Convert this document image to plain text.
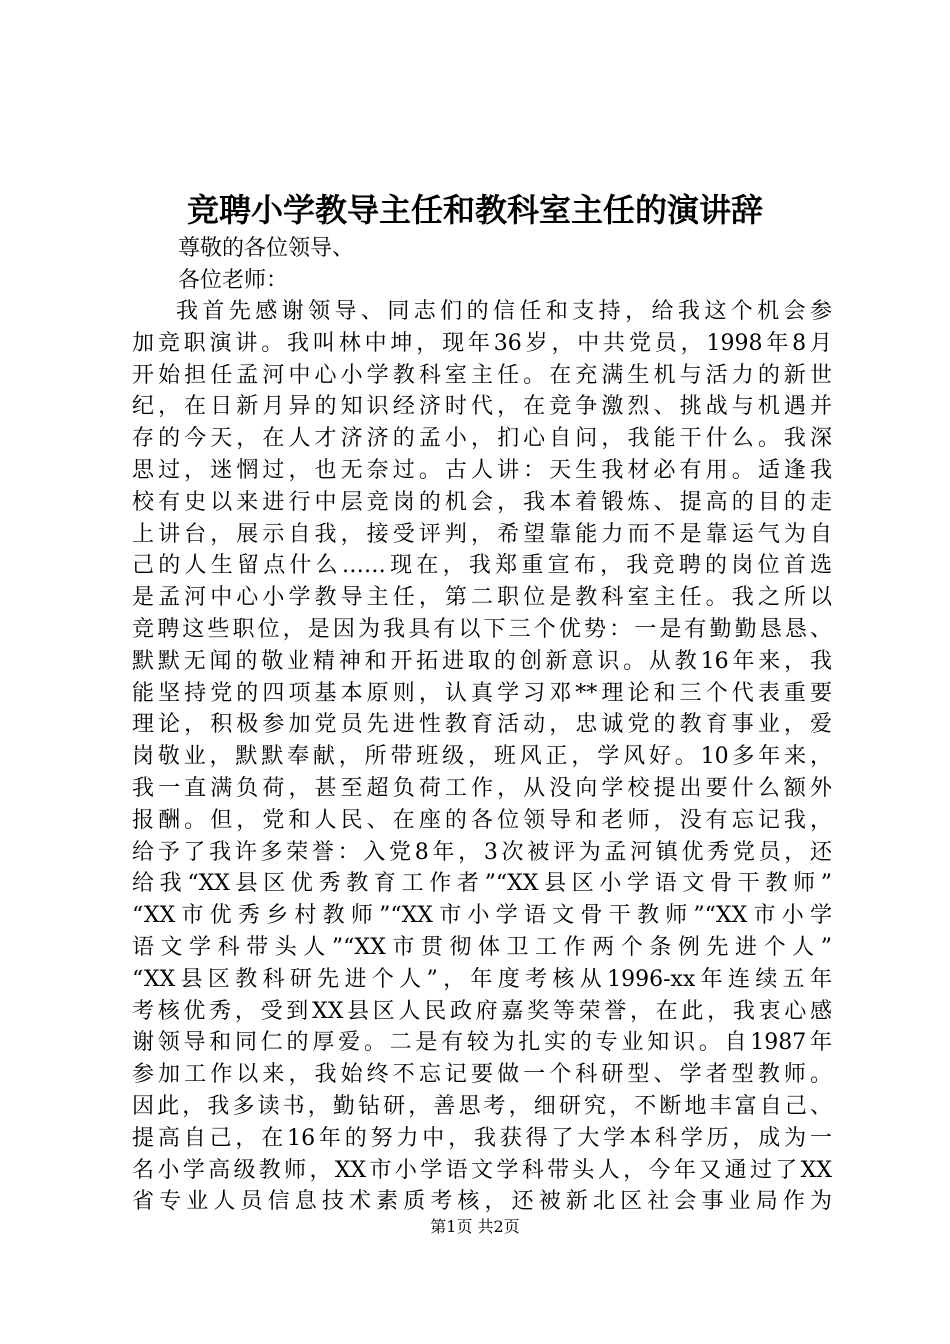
竞聘小学教导主任和教科室主任的演讲辞

尊敬的各位领导、

各位老师：

我首先感谢领导、同志们的信任和支持，给我这个机会参
加竞职演讲。我叫林中坤，现年36岁，中共党员，1998年8月
开始担任孟河中心小学教科室主任。在充满生机与活力的新世
纪，在日新月异的知识经济时代，在竞争激烈、挑战与机遇并
存的今天，在人才济济的孟小，扪心自问，我能干什么。我深
思过，迷惘过，也无奈过。古人讲：天生我材必有用。适逢我
校有史以来进行中层竞岗的机会，我本着锻炼、提高的目的走
上讲台，展示自我，接受评判，希望靠能力而不是靠运气为自
己的人生留点什么……现在，我郑重宣布，我竞聘的岗位首选
是孟河中心小学教导主任，第二职位是教科室主任。我之所以
竞聘这些职位，是因为我具有以下三个优势：一是有勤勤恳恳、
默默无闻的敬业精神和开拓进取的创新意识。从教16年来，我
能坚持党的四项基本原则，认真学习邓**理论和三个代表重要
理论，积极参加党员先进性教育活动，忠诚党的教育事业，爱
岗敬业，默默奉献，所带班级，班风正，学风好。10多年来，
我一直满负荷，甚至超负荷工作，从没向学校提出要什么额外
报酬。但，党和人民、在座的各位领导和老师，没有忘记我，
给予了我许多荣誉：入党8年，3次被评为孟河镇优秀党员，还
给我“XX县区优秀教育工作者”“XX县区小学语文骨干教师”
“XX市优秀乡村教师”“XX市小学语文骨干教师”“XX市小学
语文学科带头人”“XX市贯彻体卫工作两个条例先进个人”
“XX县区教科研先进个人”，年度考核从1996-xx年连续五年
考核优秀，受到XX县区人民政府嘉奖等荣誉，在此，我衷心感
谢领导和同仁的厚爱。二是有较为扎实的专业知识。自1987年
参加工作以来，我始终不忘记要做一个科研型、学者型教师。
因此，我多读书，勤钻研，善思考，细研究，不断地丰富自己、
提高自己，在16年的努力中，我获得了大学本科学历，成为一
名小学高级教师，XX市小学语文学科带头人，今年又通过了XX
省专业人员信息技术素质考核，还被新北区社会事业局作为
第1页 共2页
